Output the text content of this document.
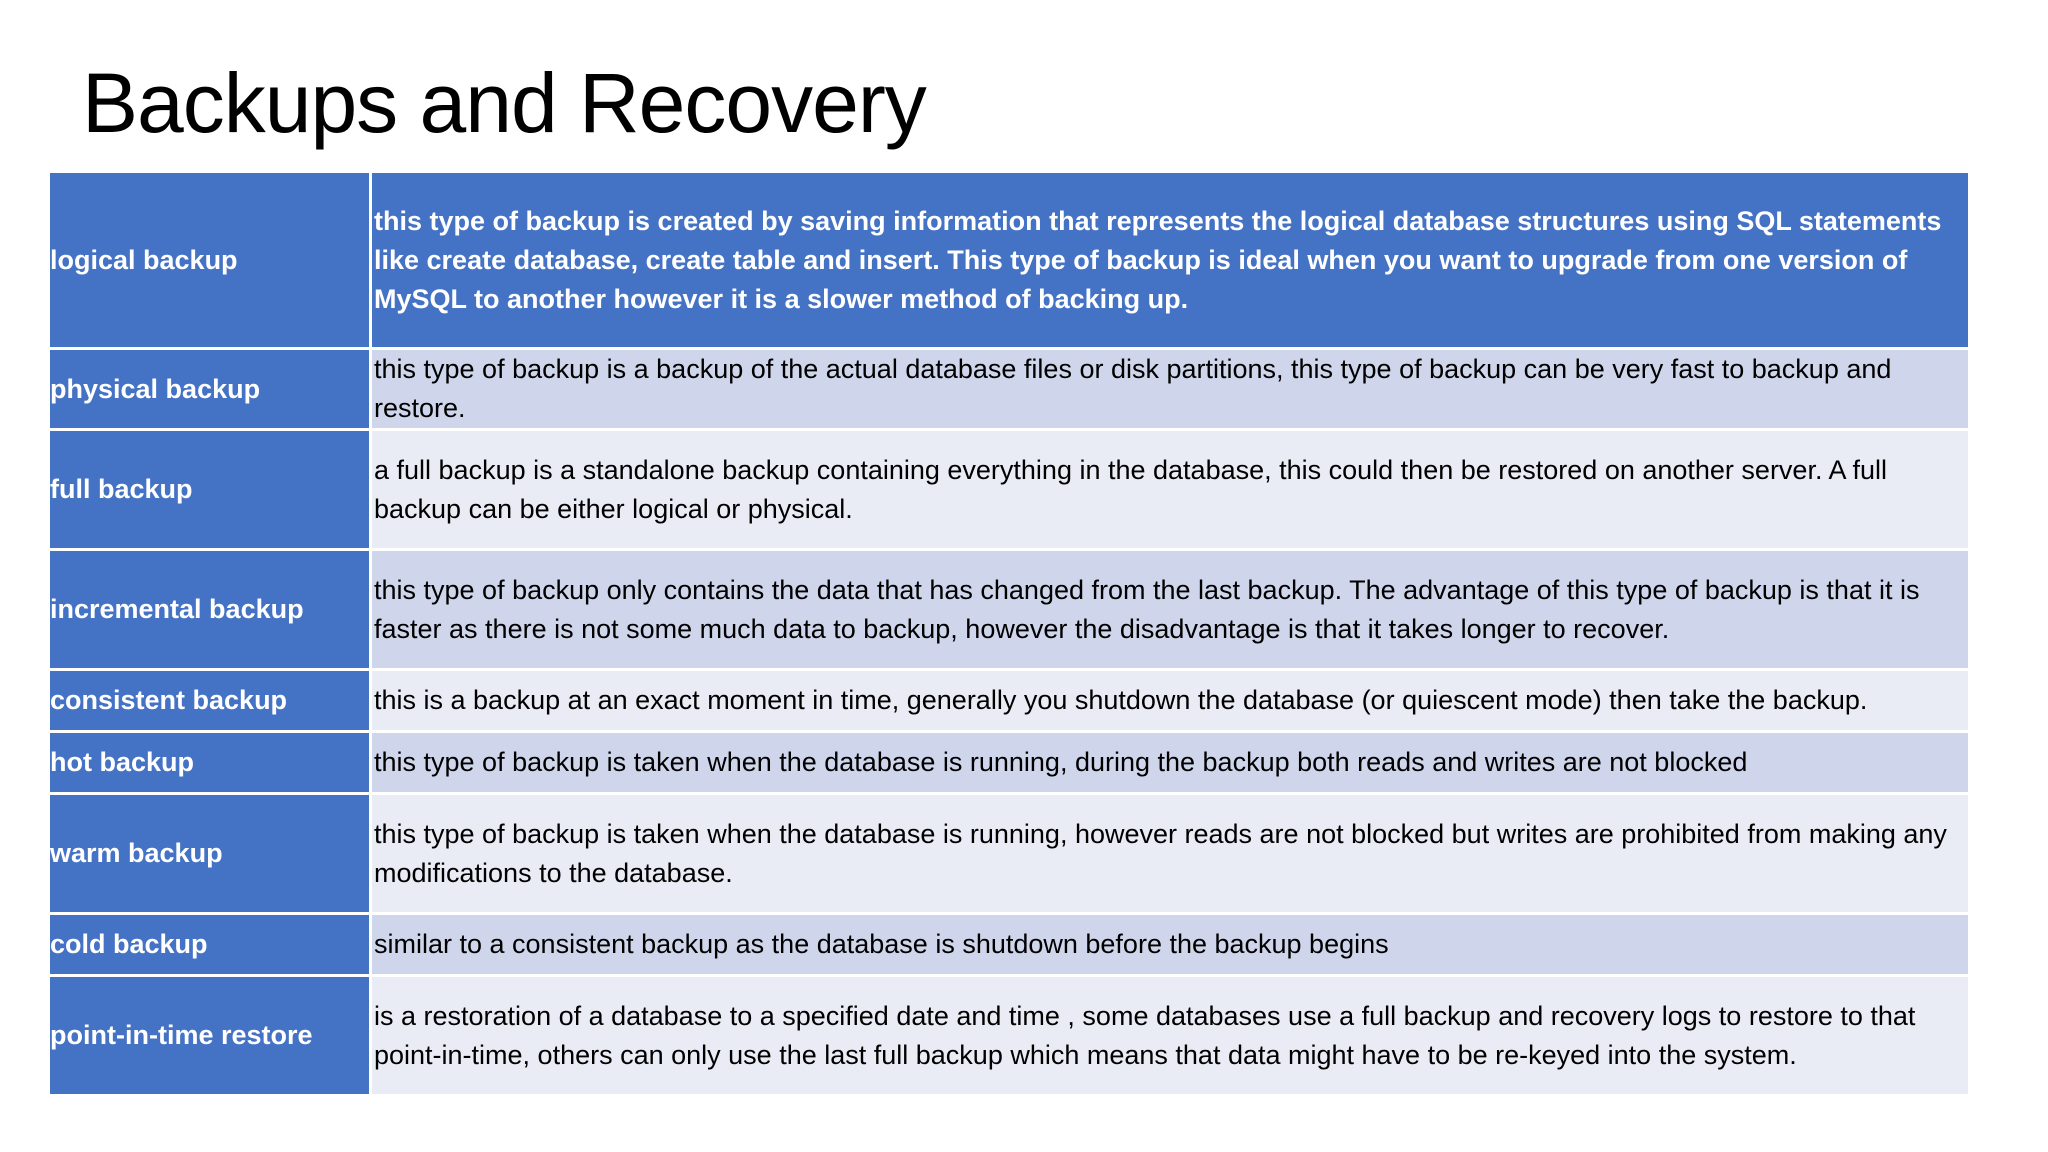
Backups and Recovery
logical backup	this type of backup is created by saving information that represents the logical database structures using SQL statements like create database, create table and insert. This type of backup is ideal when you want to upgrade from one version of MySQL to another however it is a slower method of backing up.
physical backup	this type of backup is a backup of the actual database files or disk partitions, this type of backup can be very fast to backup and restore.
full backup	a full backup is a standalone backup containing everything in the database, this could then be restored on another server. A full backup can be either logical or physical.
incremental backup	this type of backup only contains the data that has changed from the last backup. The advantage of this type of backup is that it is faster as there is not some much data to backup, however the disadvantage is that it takes longer to recover.
consistent backup	this is a backup at an exact moment in time, generally you shutdown the database (or quiescent mode) then take the backup.
hot backup	this type of backup is taken when the database is running, during the backup both reads and writes are not blocked
warm backup	this type of backup is taken when the database is running, however reads are not blocked but writes are prohibited from making any modifications to the database.
cold backup	similar to a consistent backup as the database is shutdown before the backup begins
point-in-time restore	is a restoration of a database to a specified date and time , some databases use a full backup and recovery logs to restore to that point-in-time, others can only use the last full backup which means that data might have to be re-keyed into the system.
